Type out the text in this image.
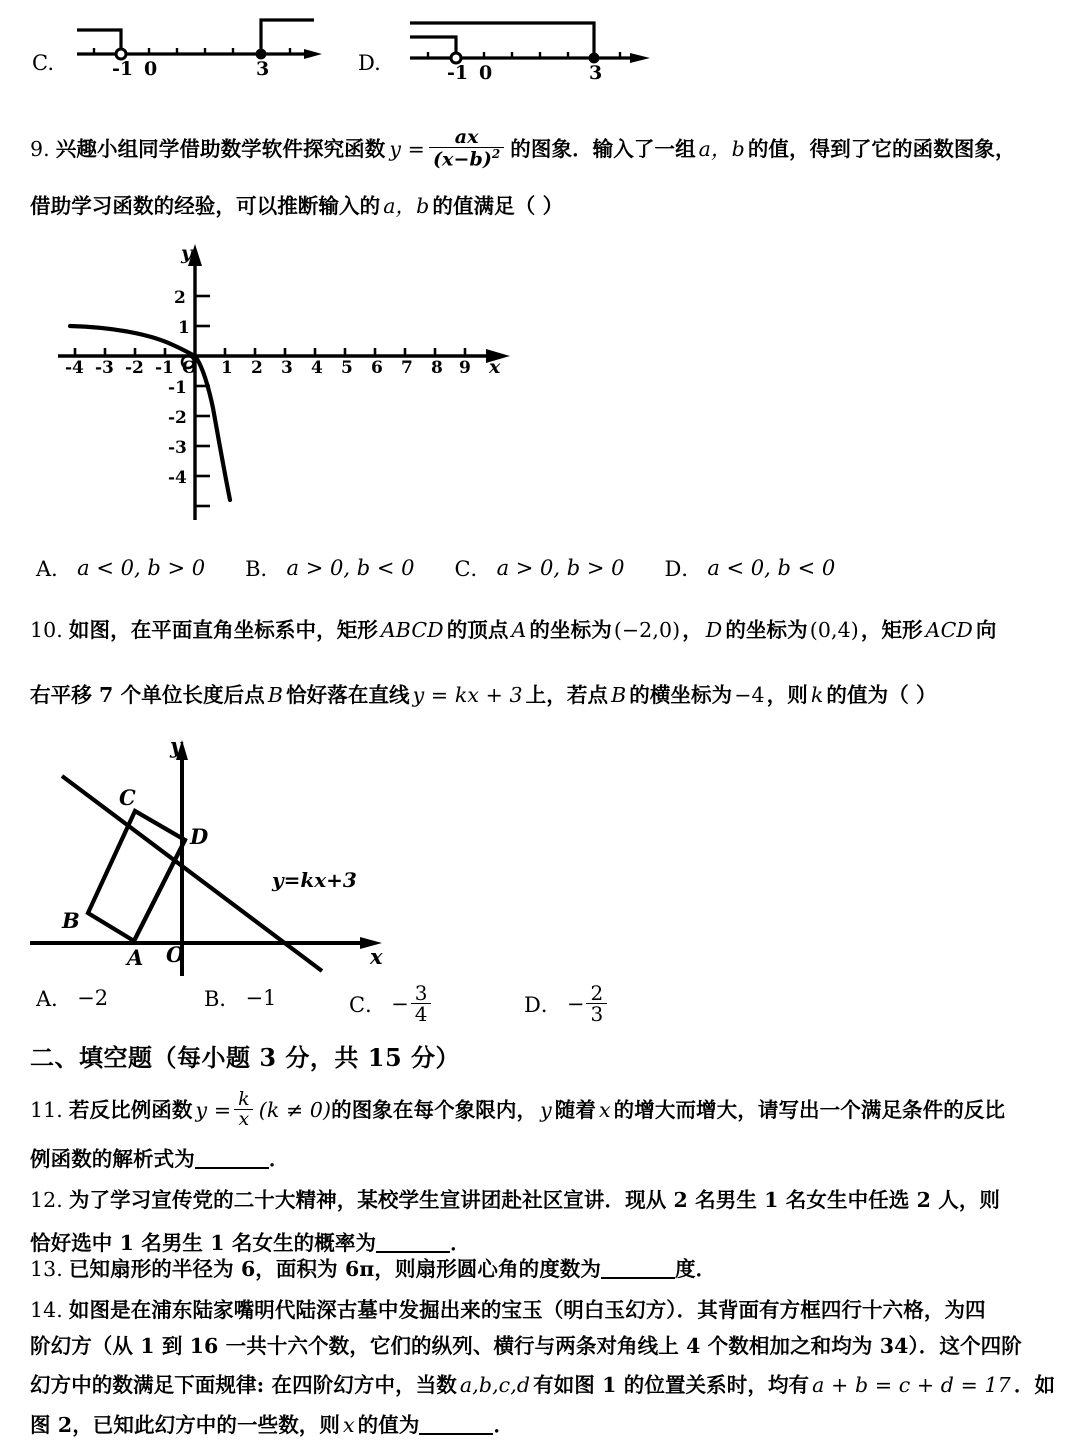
C.	-1 0	3	D.	-1 0	3
9. 兴趣小组同学借助数学软件探究函数 $y = \frac{ax}{(x-b)^2}$ 的图象．输入了一组 a，b 的值，得到了它的函数图象，
借助学习函数的经验，可以推断输入的 a，b 的值满足（ ）
-4 -3 -2 -1 O 1 2 3 4 5 6 7 8 9 x
y
2
1
-1
-2
-3
-4
A． a < 0, b > 0 B． a > 0, b < 0 C． a > 0, b > 0 D． a < 0, b < 0
10. 如图，在平面直角坐标系中，矩形 ABCD 的顶点 A 的坐标为 (−2,0) ， D 的坐标为 (0,4) ，矩形 ACD 向
右平移 7 个单位长度后点 B 恰好落在直线 y = kx + 3 上，若点 B 的横坐标为 −4 ，则 k 的值为（ ）
C
D
B
A O
y
x
y=kx+3
A． −2	B． −1	C． − $\frac{3}{4}$	D． − $\frac{2}{3}$
二、填空题（每小题 3 分，共 15 分）
11. 若反比例函数 $y = \frac{k}{x} (k \ne 0)$ 的图象在每个象限内， y 随着 x 的增大而增大，请写出一个满足条件的反比
例函数的解析式为	．
12. 为了学习宣传党的二十大精神，某校学生宣讲团赴社区宣讲．现从 2 名男生 1 名女生中任选 2 人，则
恰好选中 1 名男生 1 名女生的概率为	．
13. 已知扇形的半径为 6，面积为 6π，则扇形圆心角的度数为	度．
14. 如图是在浦东陆家嘴明代陆深古墓中发掘出来的宝玉（明白玉幻方）．其背面有方框四行十六格，为四
阶幻方（从 1 到 16 一共十六个数，它们的纵列、横行与两条对角线上 4 个数相加之和均为 34）．这个四阶
幻方中的数满足下面规律: 在四阶幻方中，当数 a,b,c,d 有如图 1 的位置关系时，均有 a + b = c + d = 17 ．如
图 2，已知此幻方中的一些数，则 x 的值为	．
